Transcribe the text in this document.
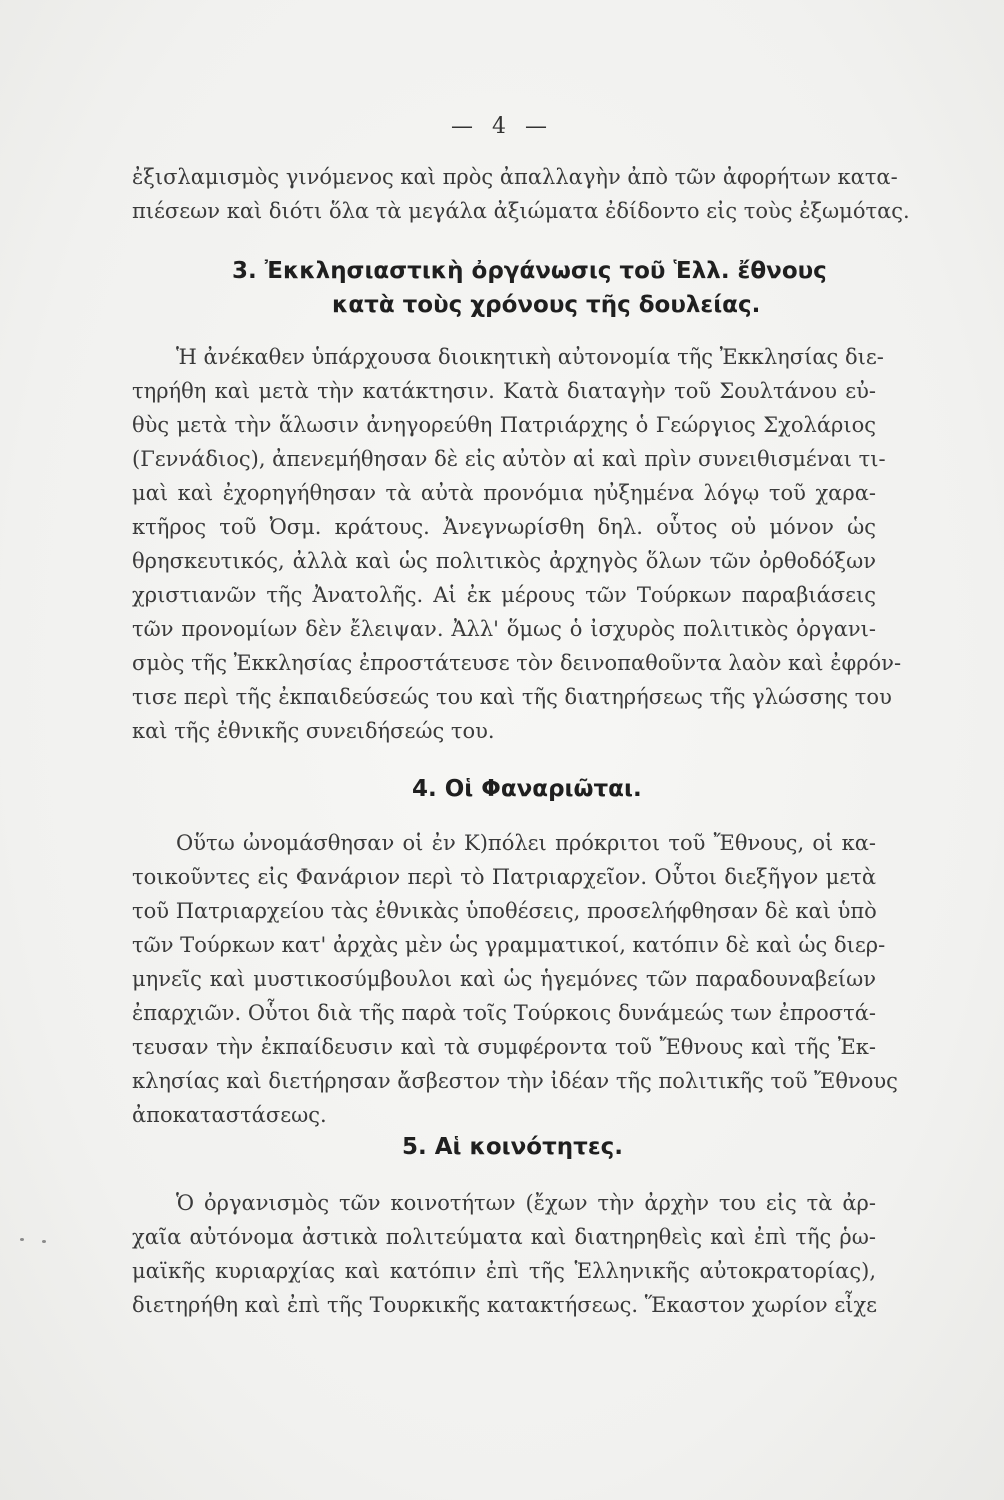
— 4 —
ἐξισλαμισμὸς γινόμενος καὶ πρὸς ἀπαλλαγὴν ἀπὸ τῶν ἀφορήτων κατα-
πιέσεων καὶ διότι ὅλα τὰ μεγάλα ἀξιώματα ἐδίδοντο εἰς τοὺς ἐξωμότας.
3. Ἐκκλησιαστικὴ ὀργάνωσις τοῦ Ἑλλ. ἔθνους
κατὰ τοὺς χρόνους τῆς δουλείας.
Ἡ ἀνέκαθεν ὑπάρχουσα διοικητικὴ αὐτονομία τῆς Ἐκκλησίας διε-
τηρήθη καὶ μετὰ τὴν κατάκτησιν. Κατὰ διαταγὴν τοῦ Σουλτάνου εὐ-
θὺς μετὰ τὴν ἅλωσιν ἀνηγορεύθη Πατριάρχης ὁ Γεώργιος Σχολάριος
(Γεννάδιος), ἀπενεμήθησαν δὲ εἰς αὐτὸν αἱ καὶ πρὶν συνειθισμέναι τι-
μαὶ καὶ ἐχορηγήθησαν τὰ αὐτὰ προνόμια ηὐξημένα λόγῳ τοῦ χαρα-
κτῆρος τοῦ Ὀσμ. κράτους. Ἀνεγνωρίσθη δηλ. οὗτος οὐ μόνον ὡς
θρησκευτικός, ἀλλὰ καὶ ὡς πολιτικὸς ἀρχηγὸς ὅλων τῶν ὀρθοδόξων
χριστιανῶν τῆς Ἀνατολῆς. Αἱ ἐκ μέρους τῶν Τούρκων παραβιάσεις
τῶν προνομίων δὲν ἔλειψαν. Ἀλλ' ὅμως ὁ ἰσχυρὸς πολιτικὸς ὀργανι-
σμὸς τῆς Ἐκκλησίας ἐπροστάτευσε τὸν δεινοπαθοῦντα λαὸν καὶ ἐφρόν-
τισε περὶ τῆς ἐκπαιδεύσεώς του καὶ τῆς διατηρήσεως τῆς γλώσσης του
καὶ τῆς ἐθνικῆς συνειδήσεώς του.
4. Οἱ Φαναριῶται.
Οὕτω ὠνομάσθησαν οἱ ἐν Κ)πόλει πρόκριτοι τοῦ Ἔθνους, οἱ κα-
τοικοῦντες εἰς Φανάριον περὶ τὸ Πατριαρχεῖον. Οὗτοι διεξῆγον μετὰ
τοῦ Πατριαρχείου τὰς ἐθνικὰς ὑποθέσεις, προσελήφθησαν δὲ καὶ ὑπὸ
τῶν Τούρκων κατ' ἀρχὰς μὲν ὡς γραμματικοί, κατόπιν δὲ καὶ ὡς διερ-
μηνεῖς καὶ μυστικοσύμβουλοι καὶ ὡς ἡγεμόνες τῶν παραδουναβείων
ἐπαρχιῶν. Οὗτοι διὰ τῆς παρὰ τοῖς Τούρκοις δυνάμεώς των ἐπροστά-
τευσαν τὴν ἐκπαίδευσιν καὶ τὰ συμφέροντα τοῦ Ἔθνους καὶ τῆς Ἐκ-
κλησίας καὶ διετήρησαν ἄσβεστον τὴν ἰδέαν τῆς πολιτικῆς τοῦ Ἔθνους
ἀποκαταστάσεως.
5. Αἱ κοινότητες.
Ὁ ὀργανισμὸς τῶν κοινοτήτων (ἔχων τὴν ἀρχὴν του εἰς τὰ ἀρ-
χαῖα αὐτόνομα ἀστικὰ πολιτεύματα καὶ διατηρηθεὶς καὶ ἐπὶ τῆς ῥω-
μαϊκῆς κυριαρχίας καὶ κατόπιν ἐπὶ τῆς Ἑλληνικῆς αὐτοκρατορίας),
διετηρήθη καὶ ἐπὶ τῆς Τουρκικῆς κατακτήσεως. Ἕκαστον χωρίον εἶχε
